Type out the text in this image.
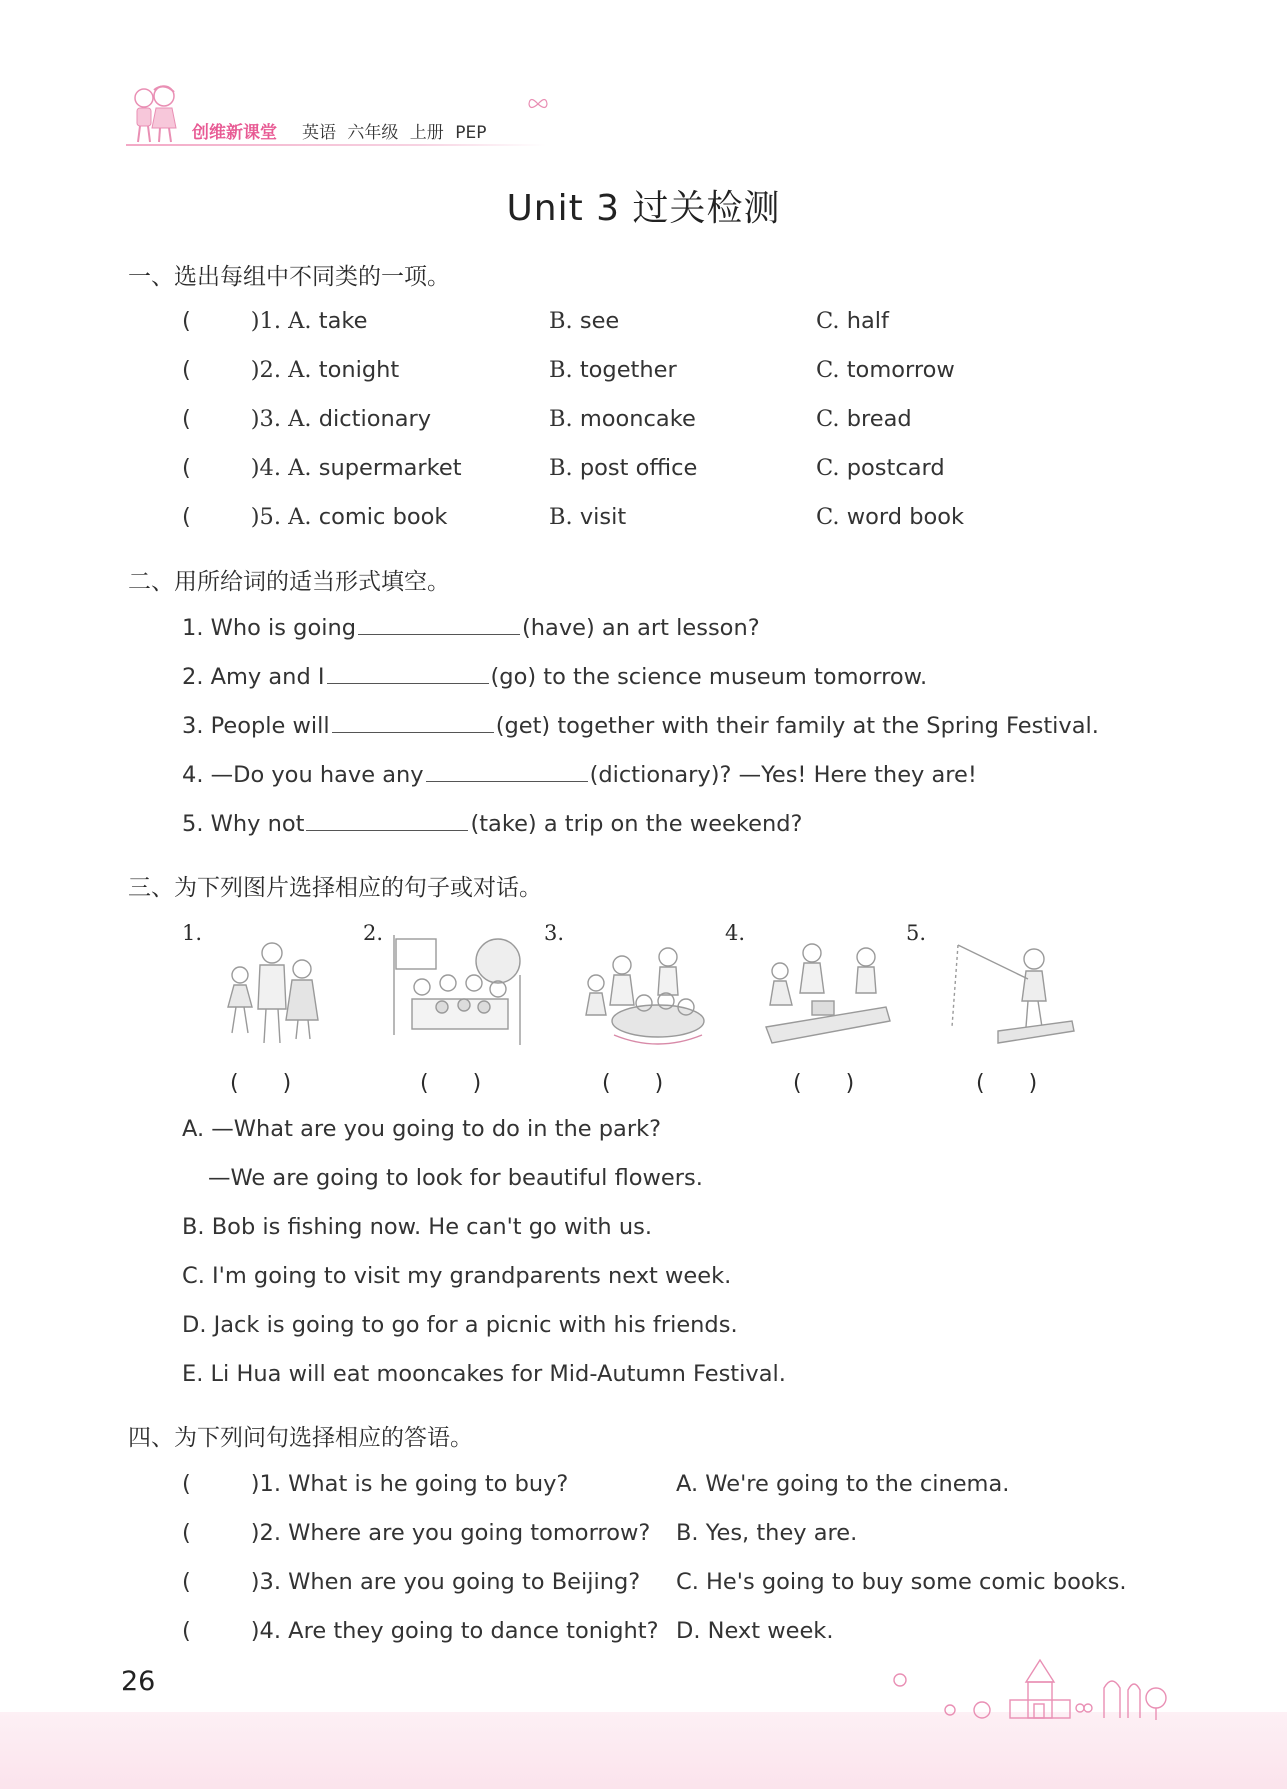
创维新课堂 英语 六年级 上册 PEP
Unit 3 过关检测
一、选出每组中不同类的一项。
(	)1. A. take	B. see	C. half
(	)2. A. tonight	B. together	C. tomorrow
(	)3. A. dictionary	B. mooncake	C. bread
(	)4. A. supermarket	B. post office	C. postcard
(	)5. A. comic book	B. visit	C. word book
二、用所给词的适当形式填空。
1. Who is going	(have) an art lesson?
2. Amy and I	(go) to the science museum tomorrow.
3. People will	(get) together with their family at the Spring Festival.
4. —Do you have any	(dictionary)? —Yes! Here they are!
5. Why not	(take) a trip on the weekend?
三、为下列图片选择相应的句子或对话。
1.	2.	3.	4.	5.
(　　)	(　　)	(　　)	(　　)	(　　)
A. —What are you going to do in the park?
—We are going to look for beautiful flowers.
B. Bob is fishing now. He can't go with us.
C. I'm going to visit my grandparents next week.
D. Jack is going to go for a picnic with his friends.
E. Li Hua will eat mooncakes for Mid-Autumn Festival.
四、为下列问句选择相应的答语。
(	)1. What is he going to buy?	A. We're going to the cinema.
(	)2. Where are you going tomorrow? B. Yes, they are.
(	)3. When are you going to Beijing? C. He's going to buy some comic books.
(	)4. Are they going to dance tonight? D. Next week.
26
